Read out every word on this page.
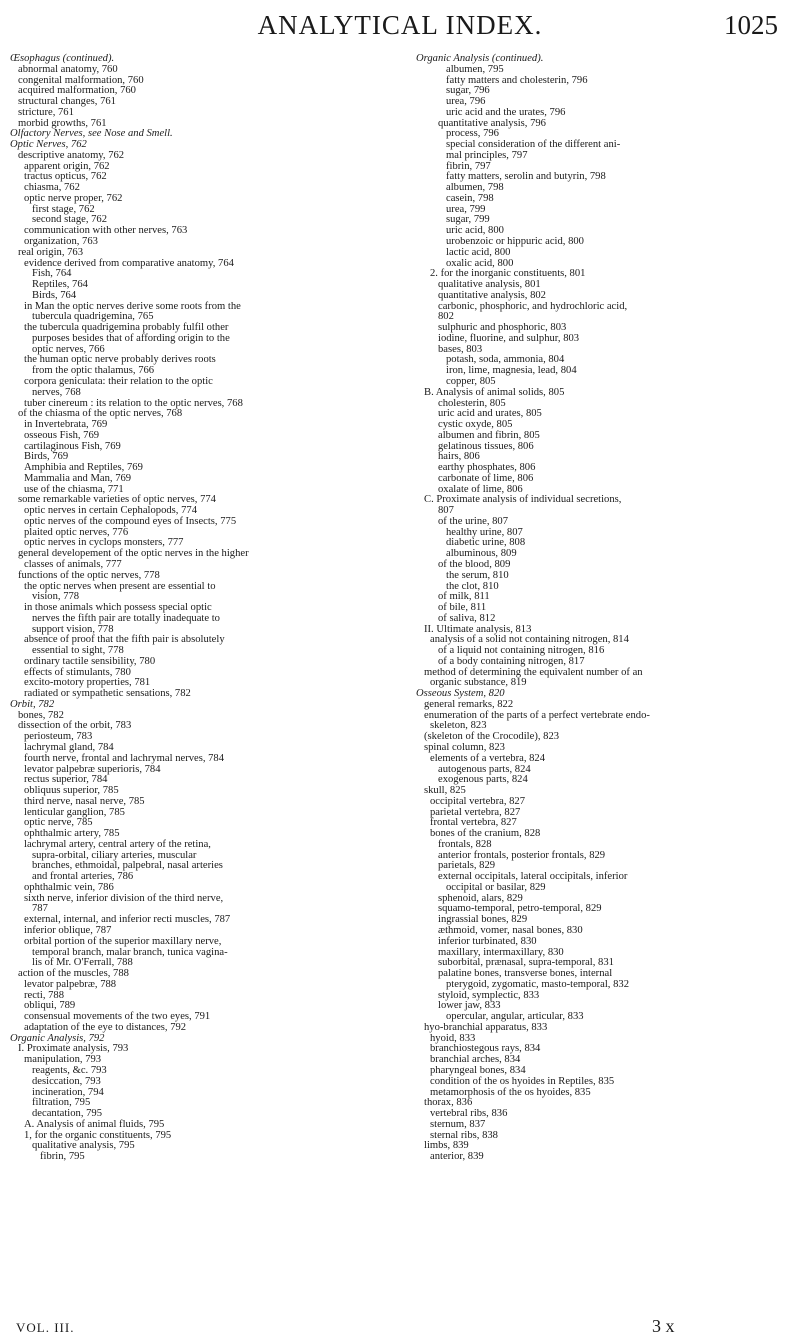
ANALYTICAL INDEX.	1025
Œsophagus (continued).
abnormal anatomy, 760
congenital malformation, 760
acquired malformation, 760
structural changes, 761
stricture, 761
morbid growths, 761
Olfactory Nerves, see Nose and Smell.
Optic Nerves, 762
descriptive anatomy, 762
apparent origin, 762
tractus opticus, 762
chiasma, 762
optic nerve proper, 762
first stage, 762
second stage, 762
communication with other nerves, 763
organization, 763
real origin, 763
evidence derived from comparative anatomy, 764
Fish, 764
Reptiles, 764
Birds, 764
in Man the optic nerves derive some roots from the
tubercula quadrigemina, 765
the tubercula quadrigemina probably fulfil other
purposes besides that of affording origin to the
optic nerves, 766
the human optic nerve probably derives roots
from the optic thalamus, 766
corpora geniculata: their relation to the optic
nerves, 768
tuber cinereum : its relation to the optic nerves, 768
of the chiasma of the optic nerves, 768
in Invertebrata, 769
osseous Fish, 769
cartilaginous Fish, 769
Birds, 769
Amphibia and Reptiles, 769
Mammalia and Man, 769
use of the chiasma, 771
some remarkable varieties of optic nerves, 774
optic nerves in certain Cephalopods, 774
optic nerves of the compound eyes of Insects, 775
plaited optic nerves, 776
optic nerves in cyclops monsters, 777
general developement of the optic nerves in the higher
classes of animals, 777
functions of the optic nerves, 778
the optic nerves when present are essential to
vision, 778
in those animals which possess special optic
nerves the fifth pair are totally inadequate to
support vision, 778
absence of proof that the fifth pair is absolutely
essential to sight, 778
ordinary tactile sensibility, 780
effects of stimulants, 780
excito-motory properties, 781
radiated or sympathetic sensations, 782
Orbit, 782
bones, 782
dissection of the orbit, 783
periosteum, 783
lachrymal gland, 784
fourth nerve, frontal and lachrymal nerves, 784
levator palpebræ superioris, 784
rectus superior, 784
obliquus superior, 785
third nerve, nasal nerve, 785
lenticular ganglion, 785
optic nerve, 785
ophthalmic artery, 785
lachrymal artery, central artery of the retina,
supra-orbital, ciliary arteries, muscular
branches, ethmoidal, palpebral, nasal arteries
and frontal arteries, 786
ophthalmic vein, 786
sixth nerve, inferior division of the third nerve,
787
external, internal, and inferior recti muscles, 787
inferior oblique, 787
orbital portion of the superior maxillary nerve,
temporal branch, malar branch, tunica vagina-
lis of Mr. O'Ferrall, 788
action of the muscles, 788
levator palpebræ, 788
recti, 788
obliqui, 789
consensual movements of the two eyes, 791
adaptation of the eye to distances, 792
Organic Analysis, 792
I. Proximate analysis, 793
manipulation, 793
reagents, &c. 793
desiccation, 793
incineration, 794
filtration, 795
decantation, 795
A. Analysis of animal fluids, 795
1, for the organic constituents, 795
qualitative analysis, 795
fibrin, 795
Organic Analysis (continued).
albumen, 795
fatty matters and cholesterin, 796
sugar, 796
urea, 796
uric acid and the urates, 796
quantitative analysis, 796
process, 796
special consideration of the different ani-
mal principles, 797
fibrin, 797
fatty matters, serolin and butyrin, 798
albumen, 798
casein, 798
urea, 799
sugar, 799
uric acid, 800
urobenzoic or hippuric acid, 800
lactic acid, 800
oxalic acid, 800
2. for the inorganic constituents, 801
qualitative analysis, 801
quantitative analysis, 802
carbonic, phosphoric, and hydrochloric acid,
802
sulphuric and phosphoric, 803
iodine, fluorine, and sulphur, 803
bases, 803
potash, soda, ammonia, 804
iron, lime, magnesia, lead, 804
copper, 805
B. Analysis of animal solids, 805
cholesterin, 805
uric acid and urates, 805
cystic oxyde, 805
albumen and fibrin, 805
gelatinous tissues, 806
hairs, 806
earthy phosphates, 806
carbonate of lime, 806
oxalate of lime, 806
C. Proximate analysis of individual secretions,
807
of the urine, 807
healthy urine, 807
diabetic urine, 808
albuminous, 809
of the blood, 809
the serum, 810
the clot, 810
of milk, 811
of bile, 811
of saliva, 812
II. Ultimate analysis, 813
analysis of a solid not containing nitrogen, 814
of a liquid not containing nitrogen, 816
of a body containing nitrogen, 817
method of determining the equivalent number of an
organic substance, 819
Osseous System, 820
general remarks, 822
enumeration of the parts of a perfect vertebrate endo-
skeleton, 823
(skeleton of the Crocodile), 823
spinal column, 823
elements of a vertebra, 824
autogenous parts, 824
exogenous parts, 824
skull, 825
occipital vertebra, 827
parietal vertebra, 827
frontal vertebra, 827
bones of the cranium, 828
frontals, 828
anterior frontals, posterior frontals, 829
parietals, 829
external occipitals, lateral occipitals, inferior
occipital or basilar, 829
sphenoid, alars, 829
squamo-temporal, petro-temporal, 829
ingrassial bones, 829
æthmoid, vomer, nasal bones, 830
inferior turbinated, 830
maxillary, intermaxillary, 830
suborbital, prænasal, supra-temporal, 831
palatine bones, transverse bones, internal
pterygoid, zygomatic, masto-temporal, 832
styloid, symplectic, 833
lower jaw, 833
opercular, angular, articular, 833
hyo-branchial apparatus, 833
hyoid, 833
branchiostegous rays, 834
branchial arches, 834
pharyngeal bones, 834
condition of the os hyoides in Reptiles, 835
metamorphosis of the os hyoides, 835
thorax, 836
vertebral ribs, 836
sternum, 837
sternal ribs, 838
limbs, 839
anterior, 839
VOL. III.	3 x
